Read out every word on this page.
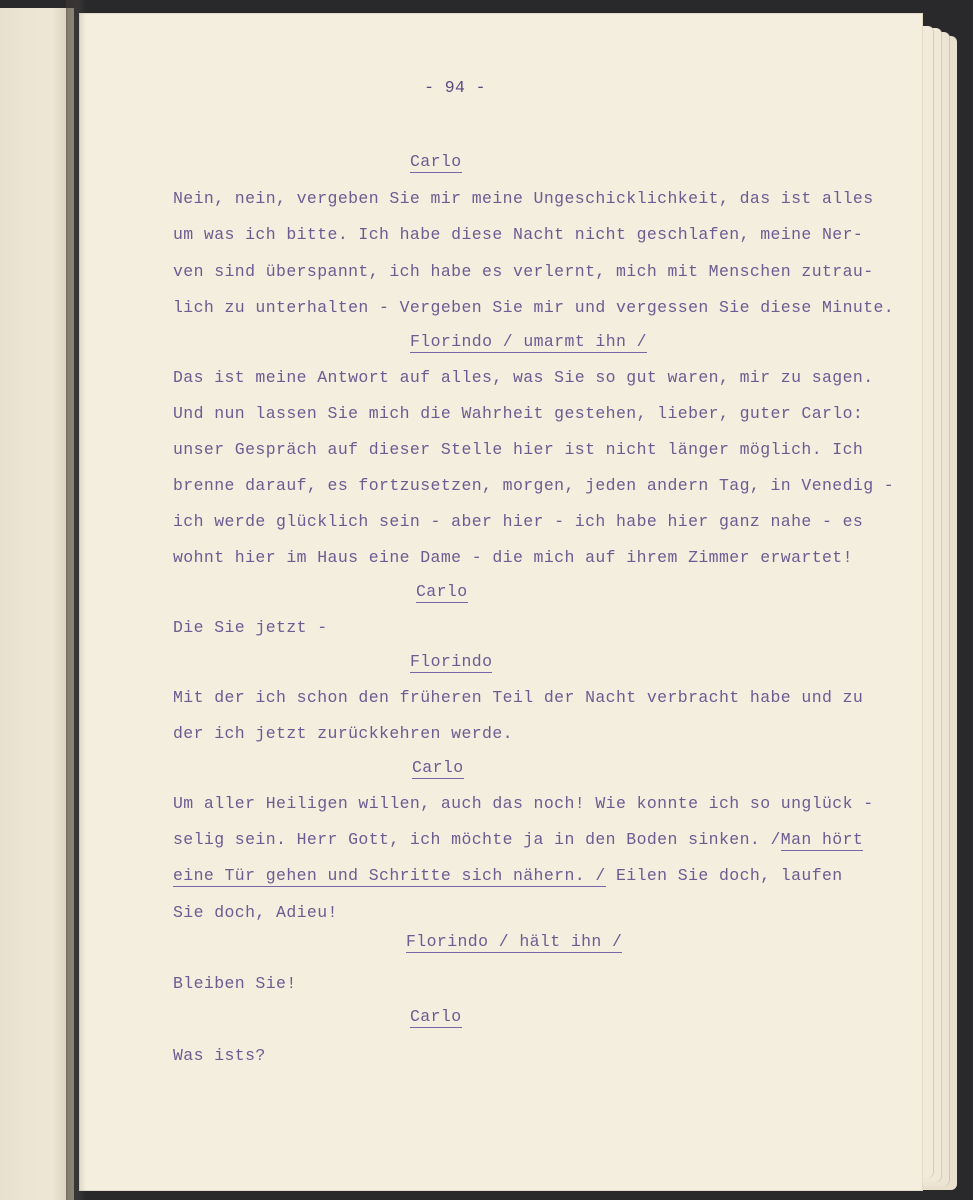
- 94 -
Carlo
Nein, nein, vergeben Sie mir meine Ungeschicklichkeit, das ist alles
um was ich bitte. Ich habe diese Nacht nicht geschlafen, meine Ner-
ven sind überspannt, ich habe es verlernt, mich mit Menschen zutrau-
lich zu unterhalten - Vergeben Sie mir und vergessen Sie diese Minute.
Florindo / umarmt ihn /
Das ist meine Antwort auf alles, was Sie so gut waren, mir zu sagen.
Und nun lassen Sie mich die Wahrheit gestehen, lieber, guter Carlo:
unser Gespräch auf dieser Stelle hier ist nicht länger möglich. Ich
brenne darauf, es fortzusetzen, morgen, jeden andern Tag, in Venedig -
ich werde glücklich sein - aber hier - ich habe hier ganz nahe - es
wohnt hier im Haus eine Dame - die mich auf ihrem Zimmer erwartet!
Carlo
Die Sie jetzt -
Florindo
Mit der ich schon den früheren Teil der Nacht verbracht habe und zu
der ich jetzt zurückkehren werde.
Carlo
Um aller Heiligen willen, auch das noch! Wie konnte ich so unglück -
selig sein. Herr Gott, ich möchte ja in den Boden sinken. /Man hört
eine Tür gehen und Schritte sich nähern. / Eilen Sie doch, laufen
Sie doch, Adieu!
Florindo / hält ihn /
Bleiben Sie!
Carlo
Was ists?
